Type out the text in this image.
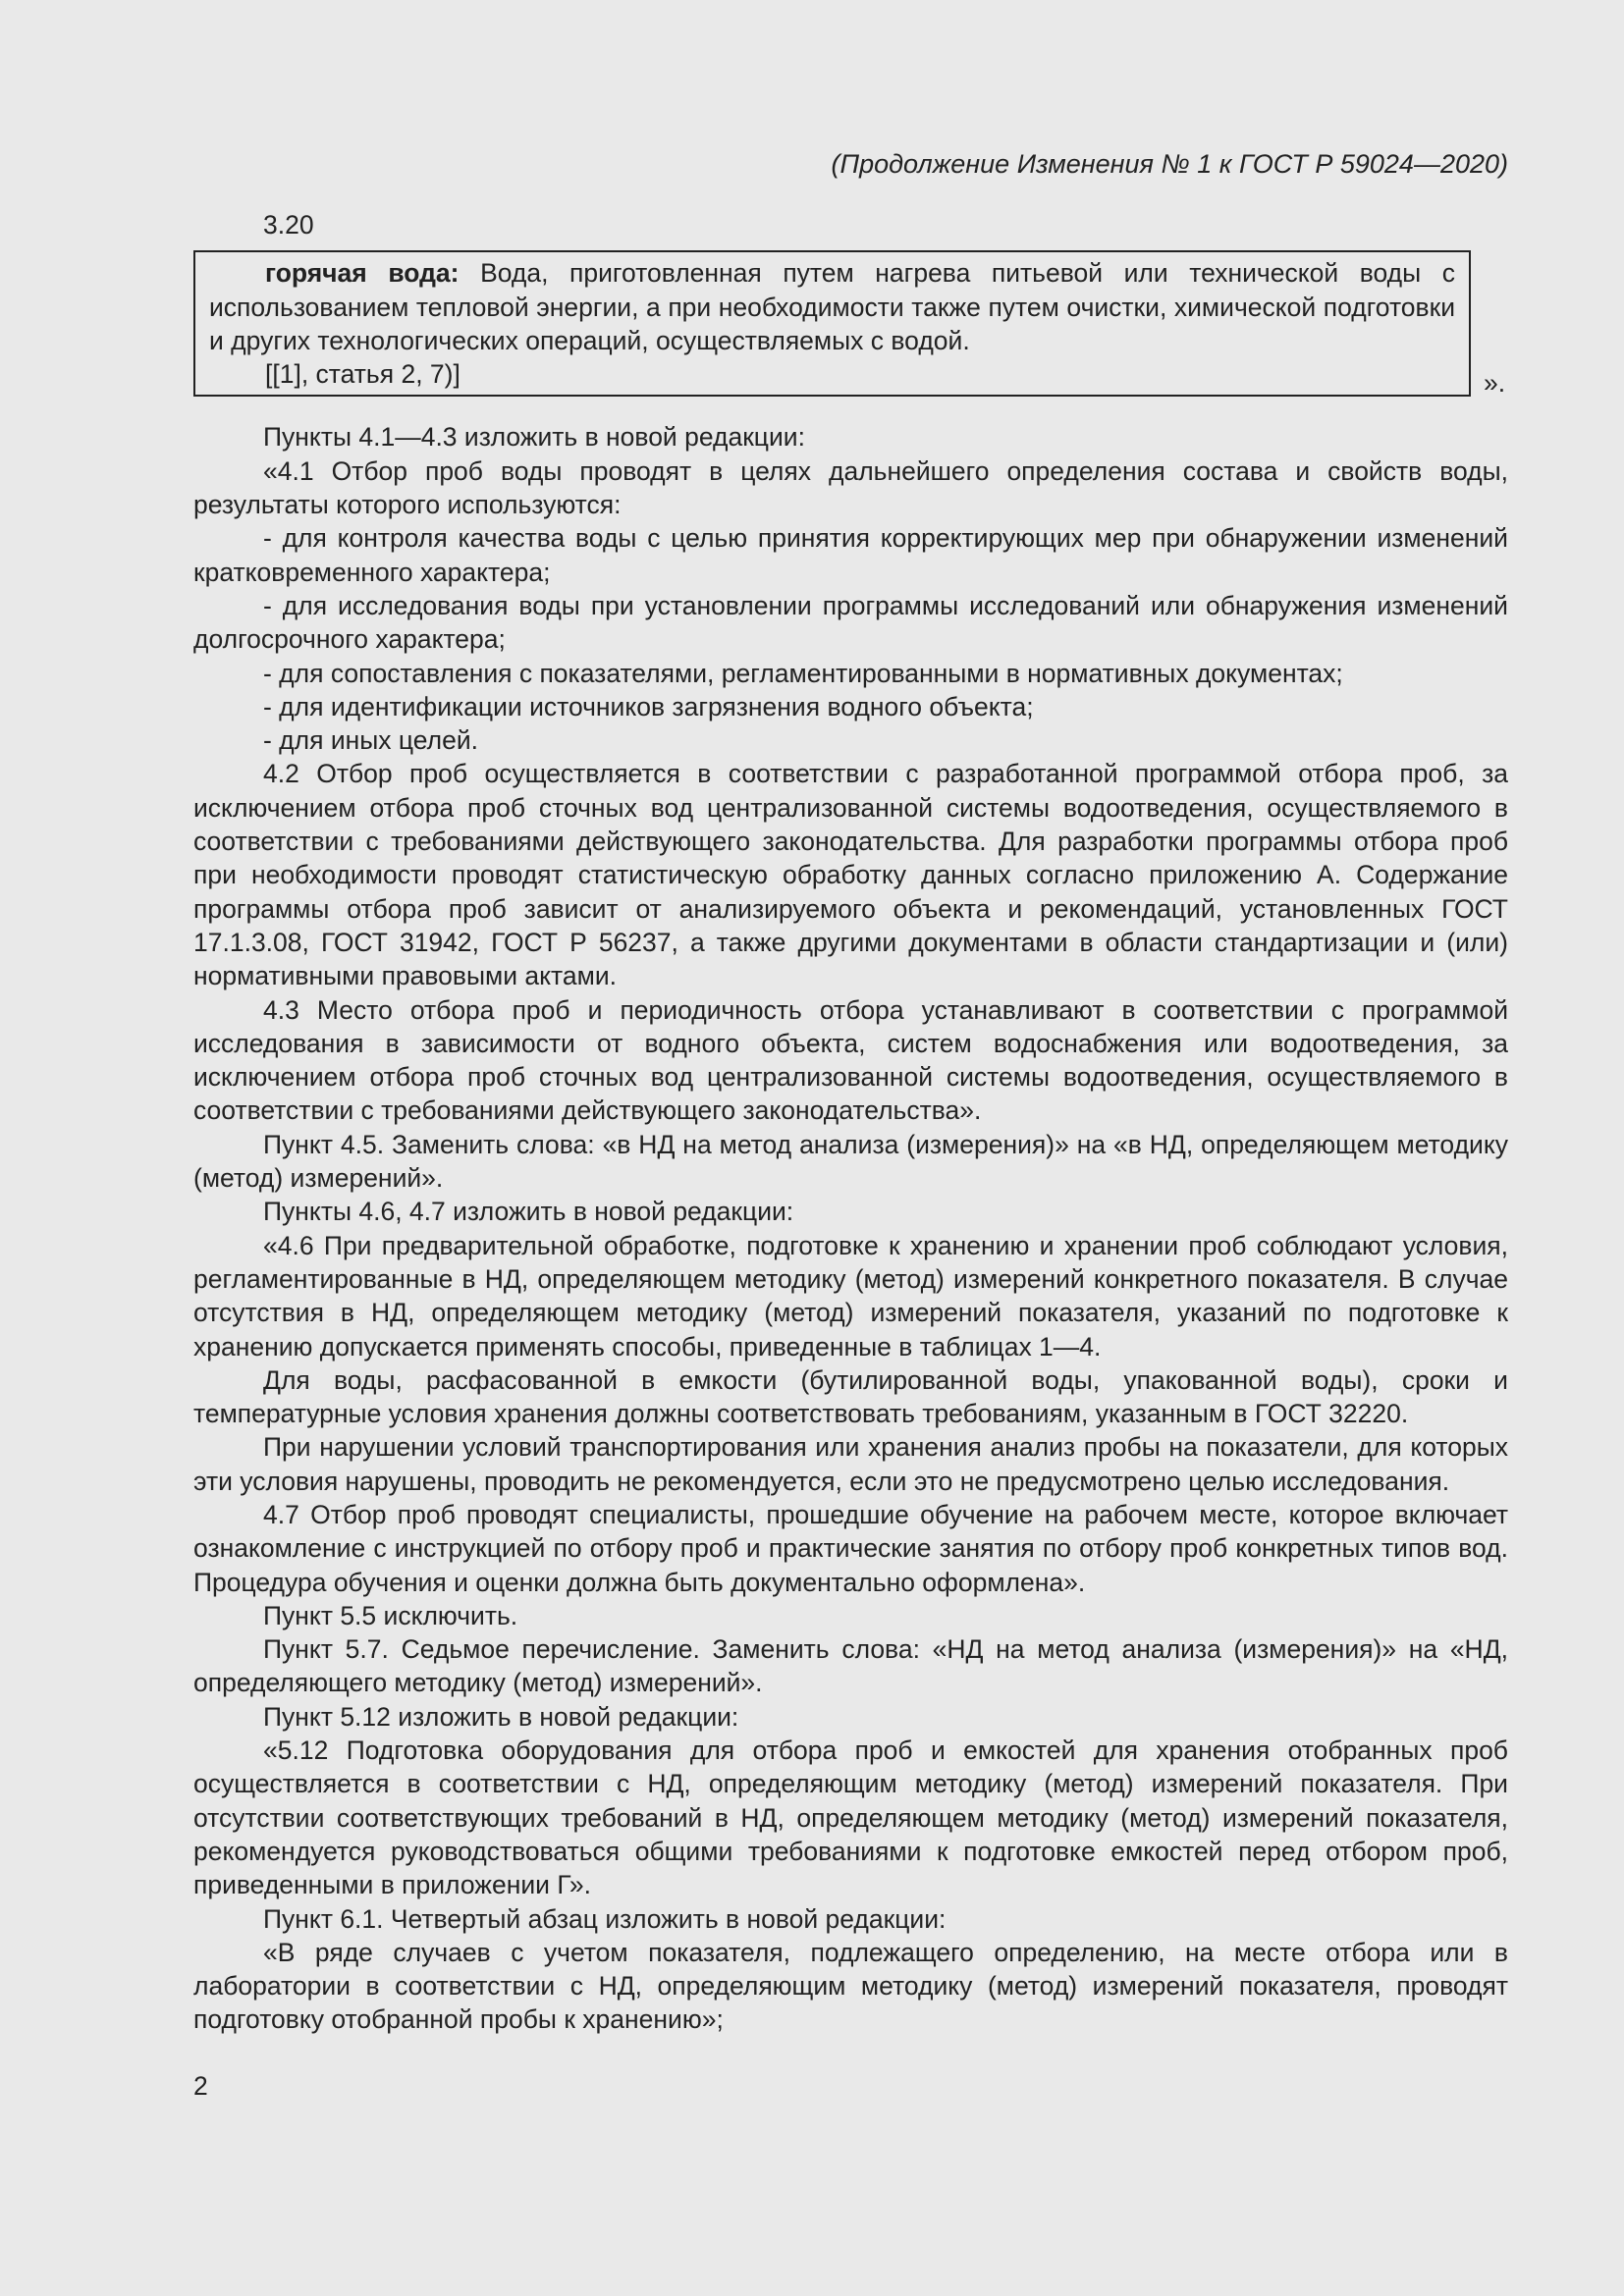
(Продолжение Изменения № 1 к ГОСТ Р 59024—2020)

3.20

горячая вода: Вода, приготовленная путем нагрева питьевой или технической воды с использованием тепловой энергии, а при необходимости также путем очистки, химической подготовки и других технологических операций, осуществляемых с водой.

[[1], статья 2, 7)]	».

Пункты 4.1—4.3 изложить в новой редакции:

«4.1 Отбор проб воды проводят в целях дальнейшего определения состава и свойств воды, результаты которого используются:

- для контроля качества воды с целью принятия корректирующих мер при обнаружении изменений кратковременного характера;

- для исследования воды при установлении программы исследований или обнаружения изменений долгосрочного характера;

- для сопоставления с показателями, регламентированными в нормативных документах;

- для идентификации источников загрязнения водного объекта;

- для иных целей.

4.2 Отбор проб осуществляется в соответствии с разработанной программой отбора проб, за исключением отбора проб сточных вод централизованной системы водоотведения, осуществляемого в соответствии с требованиями действующего законодательства. Для разработки программы отбора проб при необходимости проводят статистическую обработку данных согласно приложению А. Содержание программы отбора проб зависит от анализируемого объекта и рекомендаций, установленных ГОСТ 17.1.3.08, ГОСТ 31942, ГОСТ Р 56237, а также другими документами в области стандартизации и (или) нормативными правовыми актами.

4.3 Место отбора проб и периодичность отбора устанавливают в соответствии с программой исследования в зависимости от водного объекта, систем водоснабжения или водоотведения, за исключением отбора проб сточных вод централизованной системы водоотведения, осуществляемого в соответствии с требованиями действующего законодательства».

Пункт 4.5. Заменить слова: «в НД на метод анализа (измерения)» на «в НД, определяющем методику (метод) измерений».

Пункты 4.6, 4.7 изложить в новой редакции:

«4.6 При предварительной обработке, подготовке к хранению и хранении проб соблюдают условия, регламентированные в НД, определяющем методику (метод) измерений конкретного показателя. В случае отсутствия в НД, определяющем методику (метод) измерений показателя, указаний по подготовке к хранению допускается применять способы, приведенные в таблицах 1—4.

Для воды, расфасованной в емкости (бутилированной воды, упакованной воды), сроки и температурные условия хранения должны соответствовать требованиям, указанным в ГОСТ 32220.

При нарушении условий транспортирования или хранения анализ пробы на показатели, для которых эти условия нарушены, проводить не рекомендуется, если это не предусмотрено целью исследования.

4.7 Отбор проб проводят специалисты, прошедшие обучение на рабочем месте, которое включает ознакомление с инструкцией по отбору проб и практические занятия по отбору проб конкретных типов вод. Процедура обучения и оценки должна быть документально оформлена».

Пункт 5.5 исключить.

Пункт 5.7. Седьмое перечисление. Заменить слова: «НД на метод анализа (измерения)» на «НД, определяющего методику (метод) измерений».

Пункт 5.12 изложить в новой редакции:

«5.12 Подготовка оборудования для отбора проб и емкостей для хранения отобранных проб осуществляется в соответствии с НД, определяющим методику (метод) измерений показателя. При отсутствии соответствующих требований в НД, определяющем методику (метод) измерений показателя, рекомендуется руководствоваться общими требованиями к подготовке емкостей перед отбором проб, приведенными в приложении Г».

Пункт 6.1. Четвертый абзац изложить в новой редакции:

«В ряде случаев с учетом показателя, подлежащего определению, на месте отбора или в лаборатории в соответствии с НД, определяющим методику (метод) измерений показателя, проводят подготовку отобранной пробы к хранению»;

2
